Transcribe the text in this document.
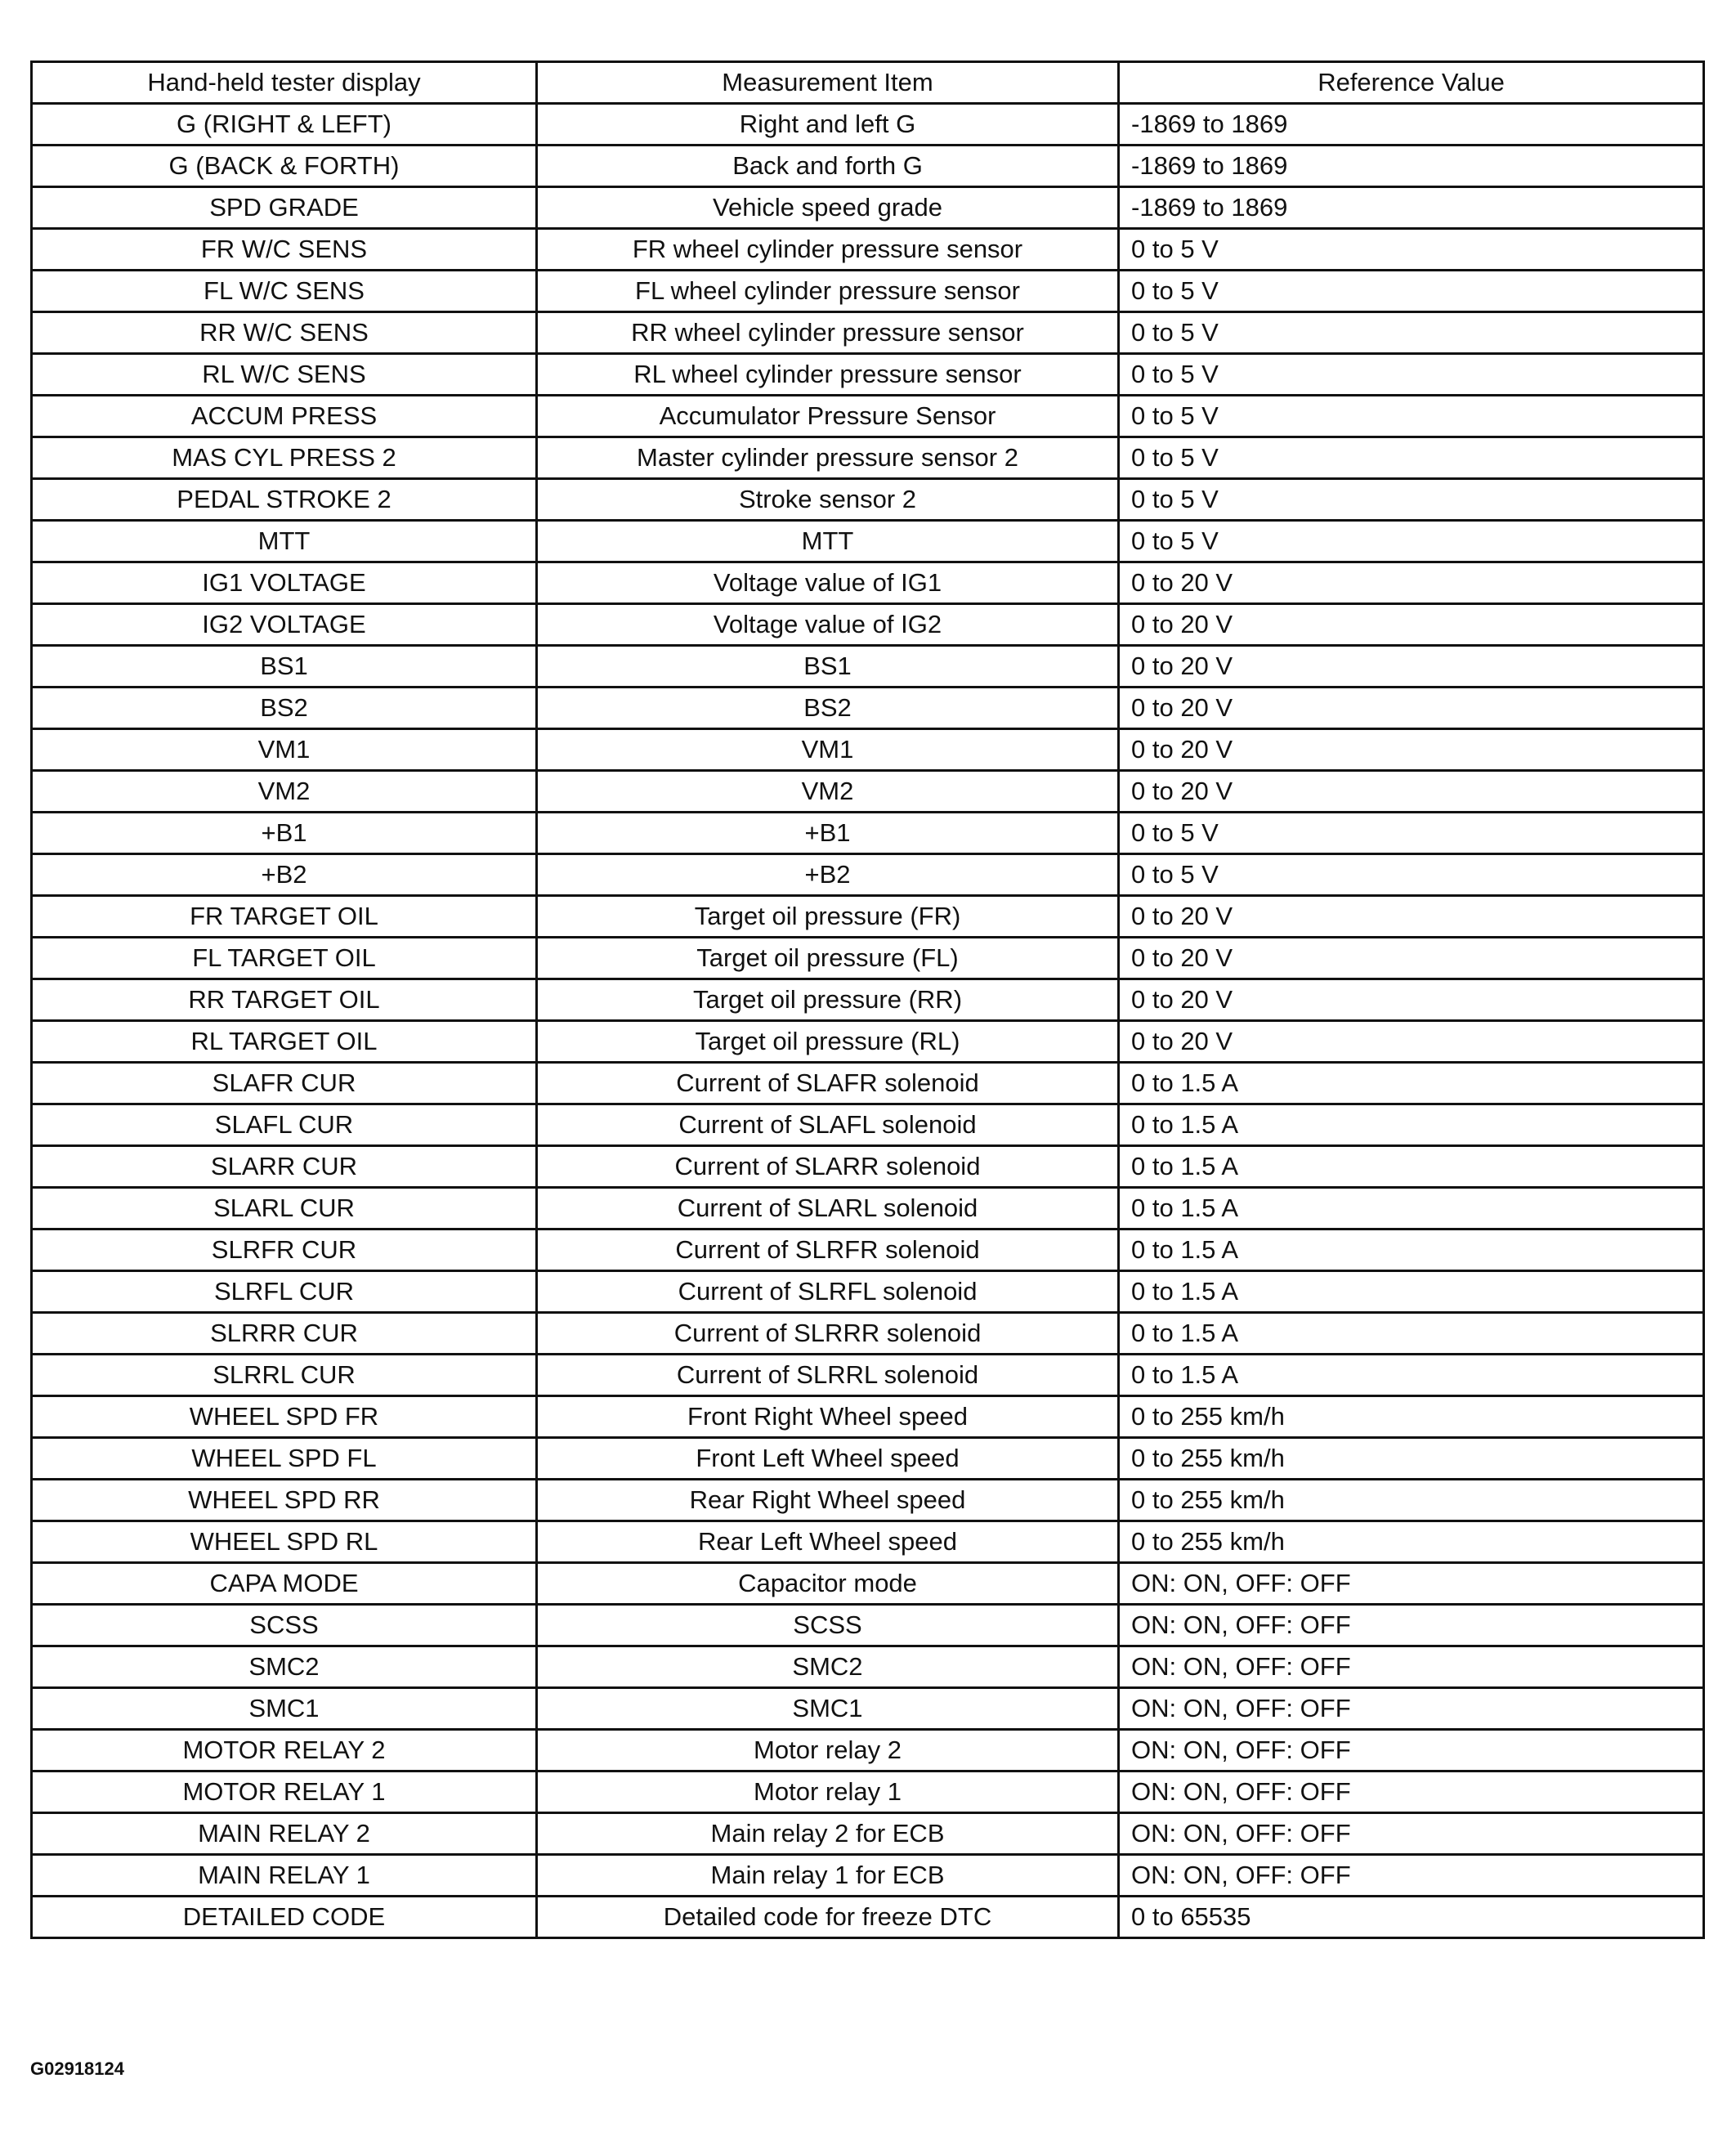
Hand-held tester display	Measurement Item	Reference Value
G (RIGHT & LEFT)	Right and left G	-1869 to 1869
G (BACK & FORTH)	Back and forth G	-1869 to 1869
SPD GRADE	Vehicle speed grade	-1869 to 1869
FR W/C SENS	FR wheel cylinder pressure sensor	0 to 5 V
FL W/C SENS	FL wheel cylinder pressure sensor	0 to 5 V
RR W/C SENS	RR wheel cylinder pressure sensor	0 to 5 V
RL W/C SENS	RL wheel cylinder pressure sensor	0 to 5 V
ACCUM PRESS	Accumulator Pressure Sensor	0 to 5 V
MAS CYL PRESS 2	Master cylinder pressure sensor 2	0 to 5 V
PEDAL STROKE 2	Stroke sensor 2	0 to 5 V
MTT	MTT	0 to 5 V
IG1 VOLTAGE	Voltage value of IG1	0 to 20 V
IG2 VOLTAGE	Voltage value of IG2	0 to 20 V
BS1	BS1	0 to 20 V
BS2	BS2	0 to 20 V
VM1	VM1	0 to 20 V
VM2	VM2	0 to 20 V
+B1	+B1	0 to 5 V
+B2	+B2	0 to 5 V
FR TARGET OIL	Target oil pressure (FR)	0 to 20 V
FL TARGET OIL	Target oil pressure (FL)	0 to 20 V
RR TARGET OIL	Target oil pressure (RR)	0 to 20 V
RL TARGET OIL	Target oil pressure (RL)	0 to 20 V
SLAFR CUR	Current of SLAFR solenoid	0 to 1.5 A
SLAFL CUR	Current of SLAFL solenoid	0 to 1.5 A
SLARR CUR	Current of SLARR solenoid	0 to 1.5 A
SLARL CUR	Current of SLARL solenoid	0 to 1.5 A
SLRFR CUR	Current of SLRFR solenoid	0 to 1.5 A
SLRFL CUR	Current of SLRFL solenoid	0 to 1.5 A
SLRRR CUR	Current of SLRRR solenoid	0 to 1.5 A
SLRRL CUR	Current of SLRRL solenoid	0 to 1.5 A
WHEEL SPD FR	Front Right Wheel speed	0 to 255 km/h
WHEEL SPD FL	Front Left Wheel speed	0 to 255 km/h
WHEEL SPD RR	Rear Right Wheel speed	0 to 255 km/h
WHEEL SPD RL	Rear Left Wheel speed	0 to 255 km/h
CAPA MODE	Capacitor mode	ON: ON, OFF: OFF
SCSS	SCSS	ON: ON, OFF: OFF
SMC2	SMC2	ON: ON, OFF: OFF
SMC1	SMC1	ON: ON, OFF: OFF
MOTOR RELAY 2	Motor relay 2	ON: ON, OFF: OFF
MOTOR RELAY 1	Motor relay 1	ON: ON, OFF: OFF
MAIN RELAY 2	Main relay 2 for ECB	ON: ON, OFF: OFF
MAIN RELAY 1	Main relay 1 for ECB	ON: ON, OFF: OFF
DETAILED CODE	Detailed code for freeze DTC	0 to 65535
G02918124
